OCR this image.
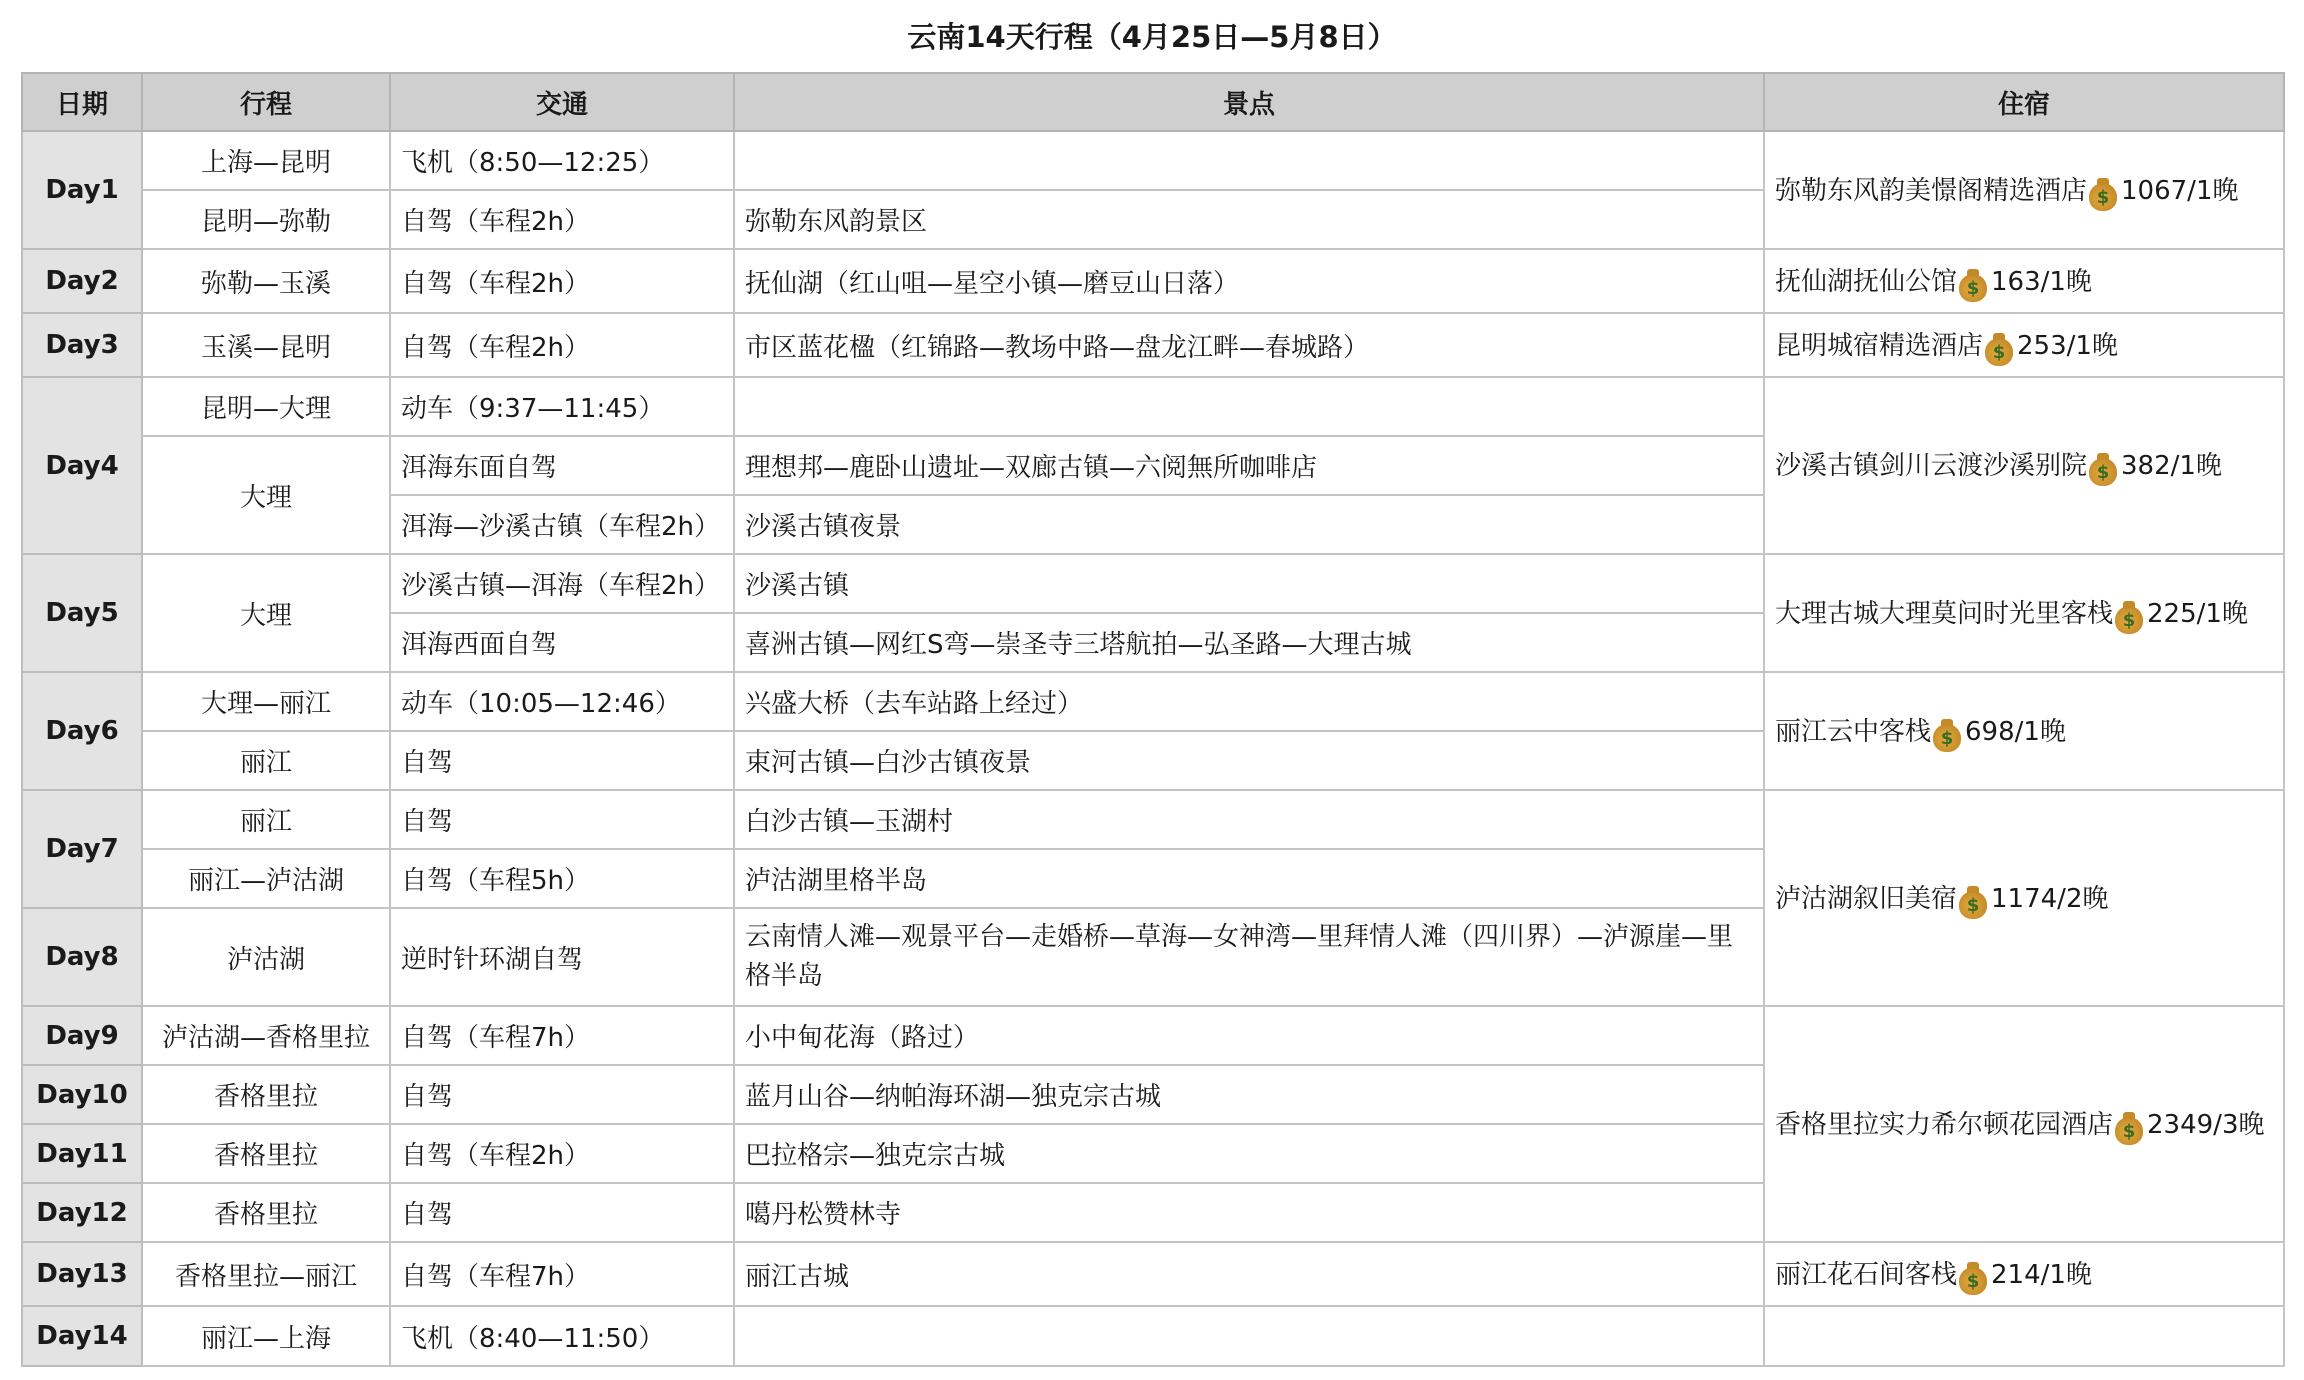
云南14天行程（4月25日—5月8日）
日期	行程	交通	景点	住宿
Day1	上海—昆明	飞机（8:50—12:25）		弥勒东风韵美憬阁精选酒店 $ 1067/1晚
	昆明—弥勒	自驾（车程2h）	弥勒东风韵景区	
Day2	弥勒—玉溪	自驾（车程2h）	抚仙湖（红山咀—星空小镇—磨豆山日落）	抚仙湖抚仙公馆 $ 163/1晚
Day3	玉溪—昆明	自驾（车程2h）	市区蓝花楹（红锦路—教场中路—盘龙江畔—春城路）	昆明城宿精选酒店 $ 253/1晚
Day4	昆明—大理	动车（9:37—11:45）		沙溪古镇剑川云渡沙溪别院 $ 382/1晚
	大理	洱海东面自驾	理想邦—鹿卧山遗址—双廊古镇—六阅無所咖啡店	
		洱海—沙溪古镇（车程2h）	沙溪古镇夜景	
Day5	大理	沙溪古镇—洱海（车程2h）	沙溪古镇	大理古城大理莫问时光里客栈 $ 225/1晚
		洱海西面自驾	喜洲古镇—网红S弯—崇圣寺三塔航拍—弘圣路—大理古城	
Day6	大理—丽江	动车（10:05—12:46）	兴盛大桥（去车站路上经过）	丽江云中客栈 $ 698/1晚
	丽江	自驾	束河古镇—白沙古镇夜景	
Day7	丽江	自驾	白沙古镇—玉湖村	泸沽湖叙旧美宿 $ 1174/2晚
	丽江—泸沽湖	自驾（车程5h）	泸沽湖里格半岛	
Day8	泸沽湖	逆时针环湖自驾	云南情人滩—观景平台—走婚桥—草海—女神湾—里拜情人滩（四川界）—泸源崖—里格半岛	
Day9	泸沽湖—香格里拉	自驾（车程7h）	小中甸花海（路过）	香格里拉实力希尔顿花园酒店 $ 2349/3晚
Day10	香格里拉	自驾	蓝月山谷—纳帕海环湖—独克宗古城	
Day11	香格里拉	自驾（车程2h）	巴拉格宗—独克宗古城	
Day12	香格里拉	自驾	噶丹松赞林寺	
Day13	香格里拉—丽江	自驾（车程7h）	丽江古城	丽江花石间客栈 $ 214/1晚
Day14	丽江—上海	飞机（8:40—11:50）		
